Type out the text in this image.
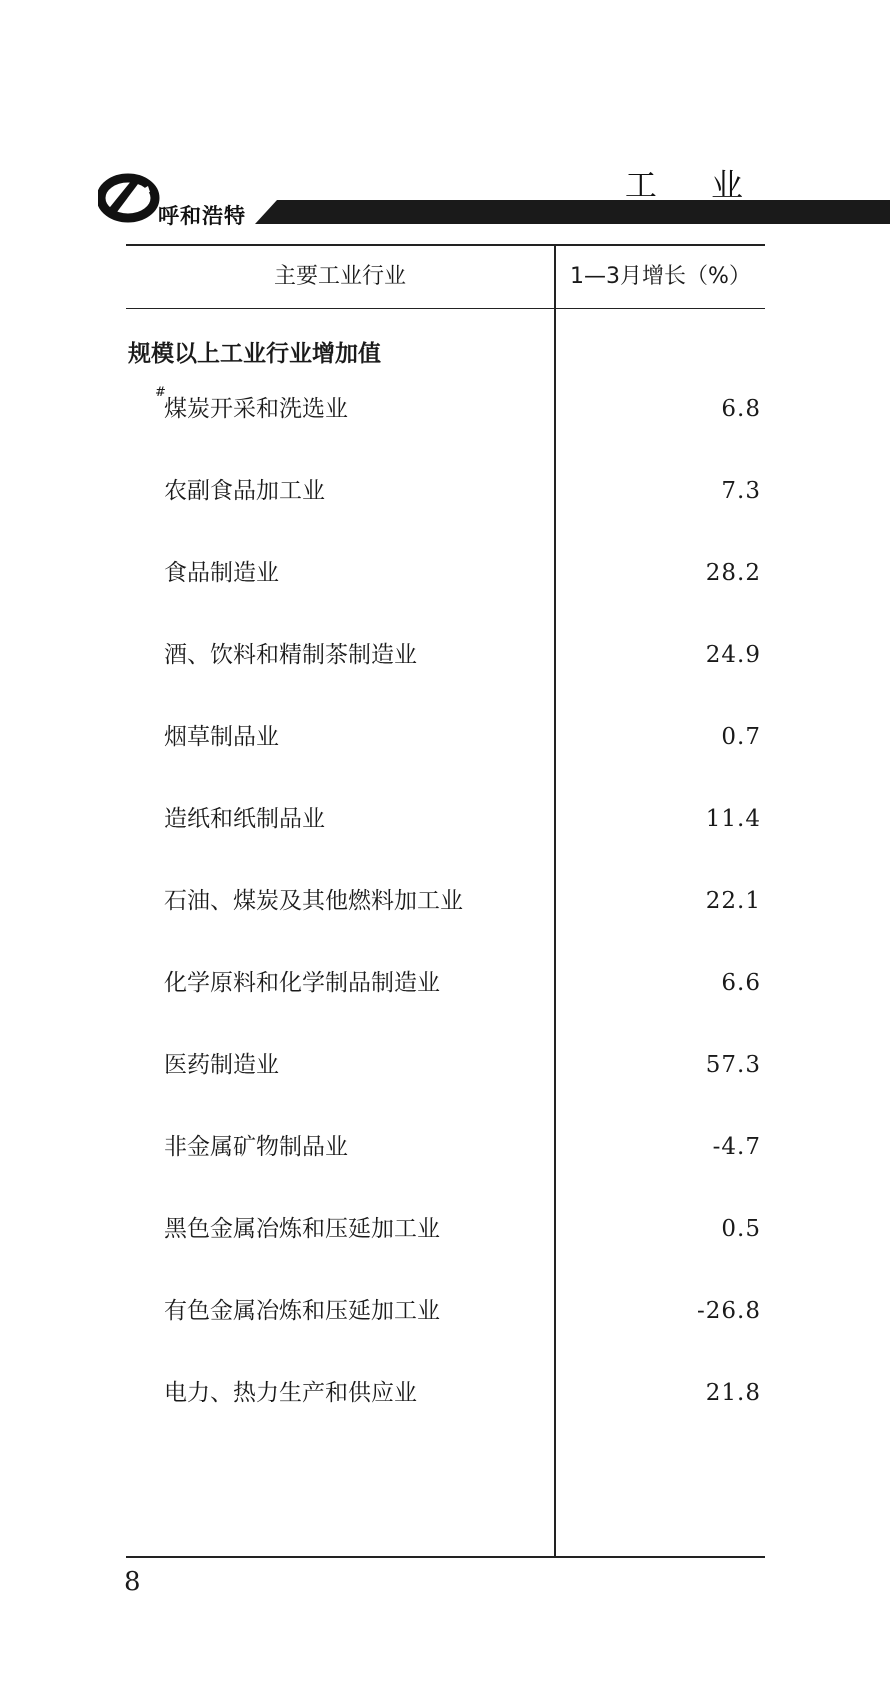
呼和浩特
工 业
主要工业行业	1—3月增长（%）
规模以上工业行业增加值
#
煤炭开采和洗选业	6.8
农副食品加工业	7.3
食品制造业	28.2
酒、饮料和精制茶制造业	24.9
烟草制品业	0.7
造纸和纸制品业	11.4
石油、煤炭及其他燃料加工业	22.1
化学原料和化学制品制造业	6.6
医药制造业	57.3
非金属矿物制品业	-4.7
黑色金属冶炼和压延加工业	0.5
有色金属冶炼和压延加工业	-26.8
电力、热力生产和供应业	21.8
8
